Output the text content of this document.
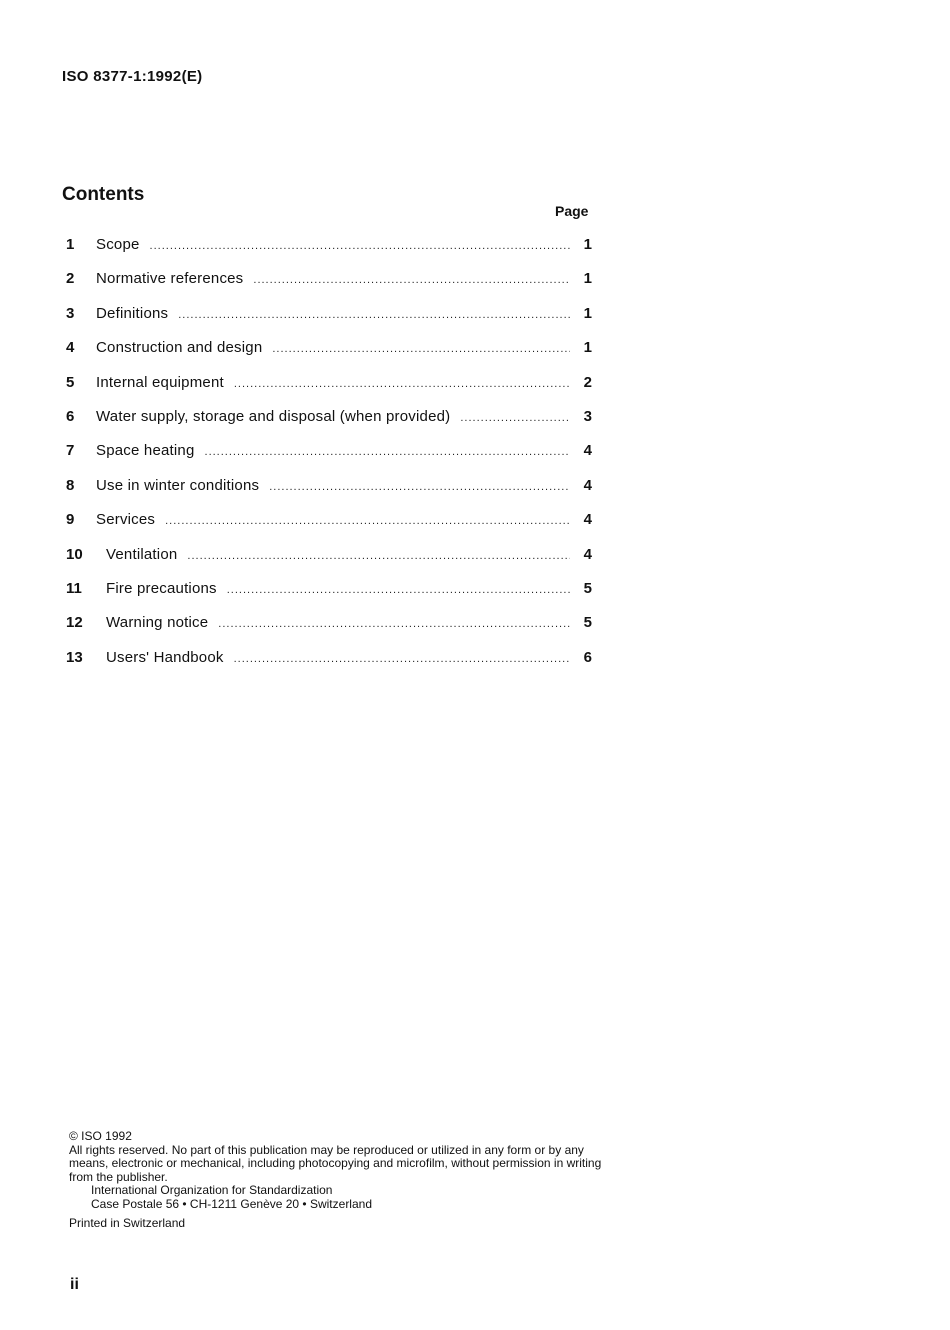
ISO 8377-1:1992(E)
Contents
Page
1	Scope .....	1
2	Normative references .....	1
3	Definitions .....	1
4	Construction and design .....	1
5	Internal equipment .....	2
6	Water supply, storage and disposal (when provided) .....	3
7	Space heating .....	4
8	Use in winter conditions .....	4
9	Services .....	4
10	Ventilation .....	4
11	Fire precautions .....	5
12	Warning notice .....	5
13	Users' Handbook .....	6
© ISO 1992
All rights reserved. No part of this publication may be reproduced or utilized in any form or by any means, electronic or mechanical, including photocopying and microfilm, without permission in writing from the publisher.
International Organization for Standardization
Case Postale 56 • CH-1211 Genève 20 • Switzerland
Printed in Switzerland
ii
